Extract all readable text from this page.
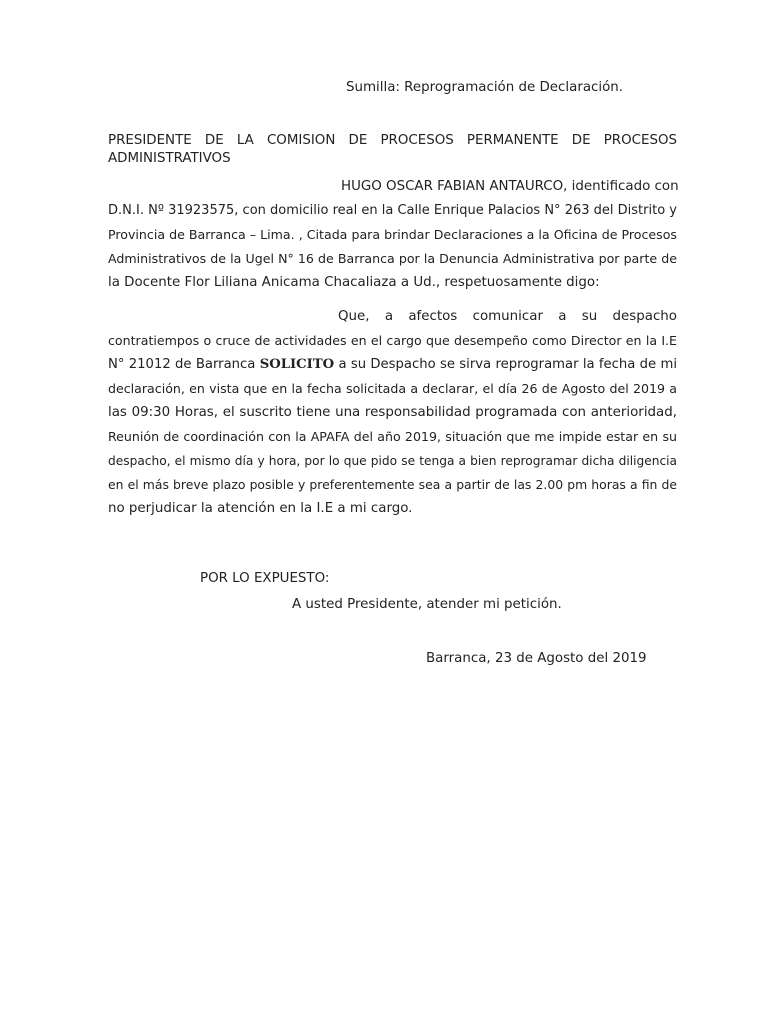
Sumilla: Reprogramación de Declaración.
PRESIDENTE DE LA COMISION DE PROCESOS PERMANENTE DE PROCESOS
ADMINISTRATIVOS
HUGO OSCAR FABIAN ANTAURCO, identificado con
D.N.I. Nº 31923575, con domicilio real en la Calle Enrique Palacios N° 263 del Distrito y
Provincia de Barranca – Lima. , Citada para brindar Declaraciones a la Oficina de Procesos
Administrativos de la Ugel N° 16 de Barranca por la Denuncia Administrativa por parte de
la Docente Flor Liliana Anicama Chacaliaza a Ud., respetuosamente digo:
Que, a afectos comunicar a su despacho
contratiempos o cruce de actividades en el cargo que desempeño como Director en la I.E
N° 21012 de Barranca SOLICITO a su Despacho se sirva reprogramar la fecha de mi
declaración, en vista que en la fecha solicitada a declarar, el día 26 de Agosto del 2019 a
las 09:30 Horas, el suscrito tiene una responsabilidad programada con anterioridad,
Reunión de coordinación con la APAFA del año 2019, situación que me impide estar en su
despacho, el mismo día y hora, por lo que pido se tenga a bien reprogramar dicha diligencia
en el más breve plazo posible y preferentemente sea a partir de las 2.00 pm horas a fin de
no perjudicar la atención en la I.E a mi cargo.
POR LO EXPUESTO:
A usted Presidente, atender mi petición.
Barranca, 23 de Agosto del 2019
